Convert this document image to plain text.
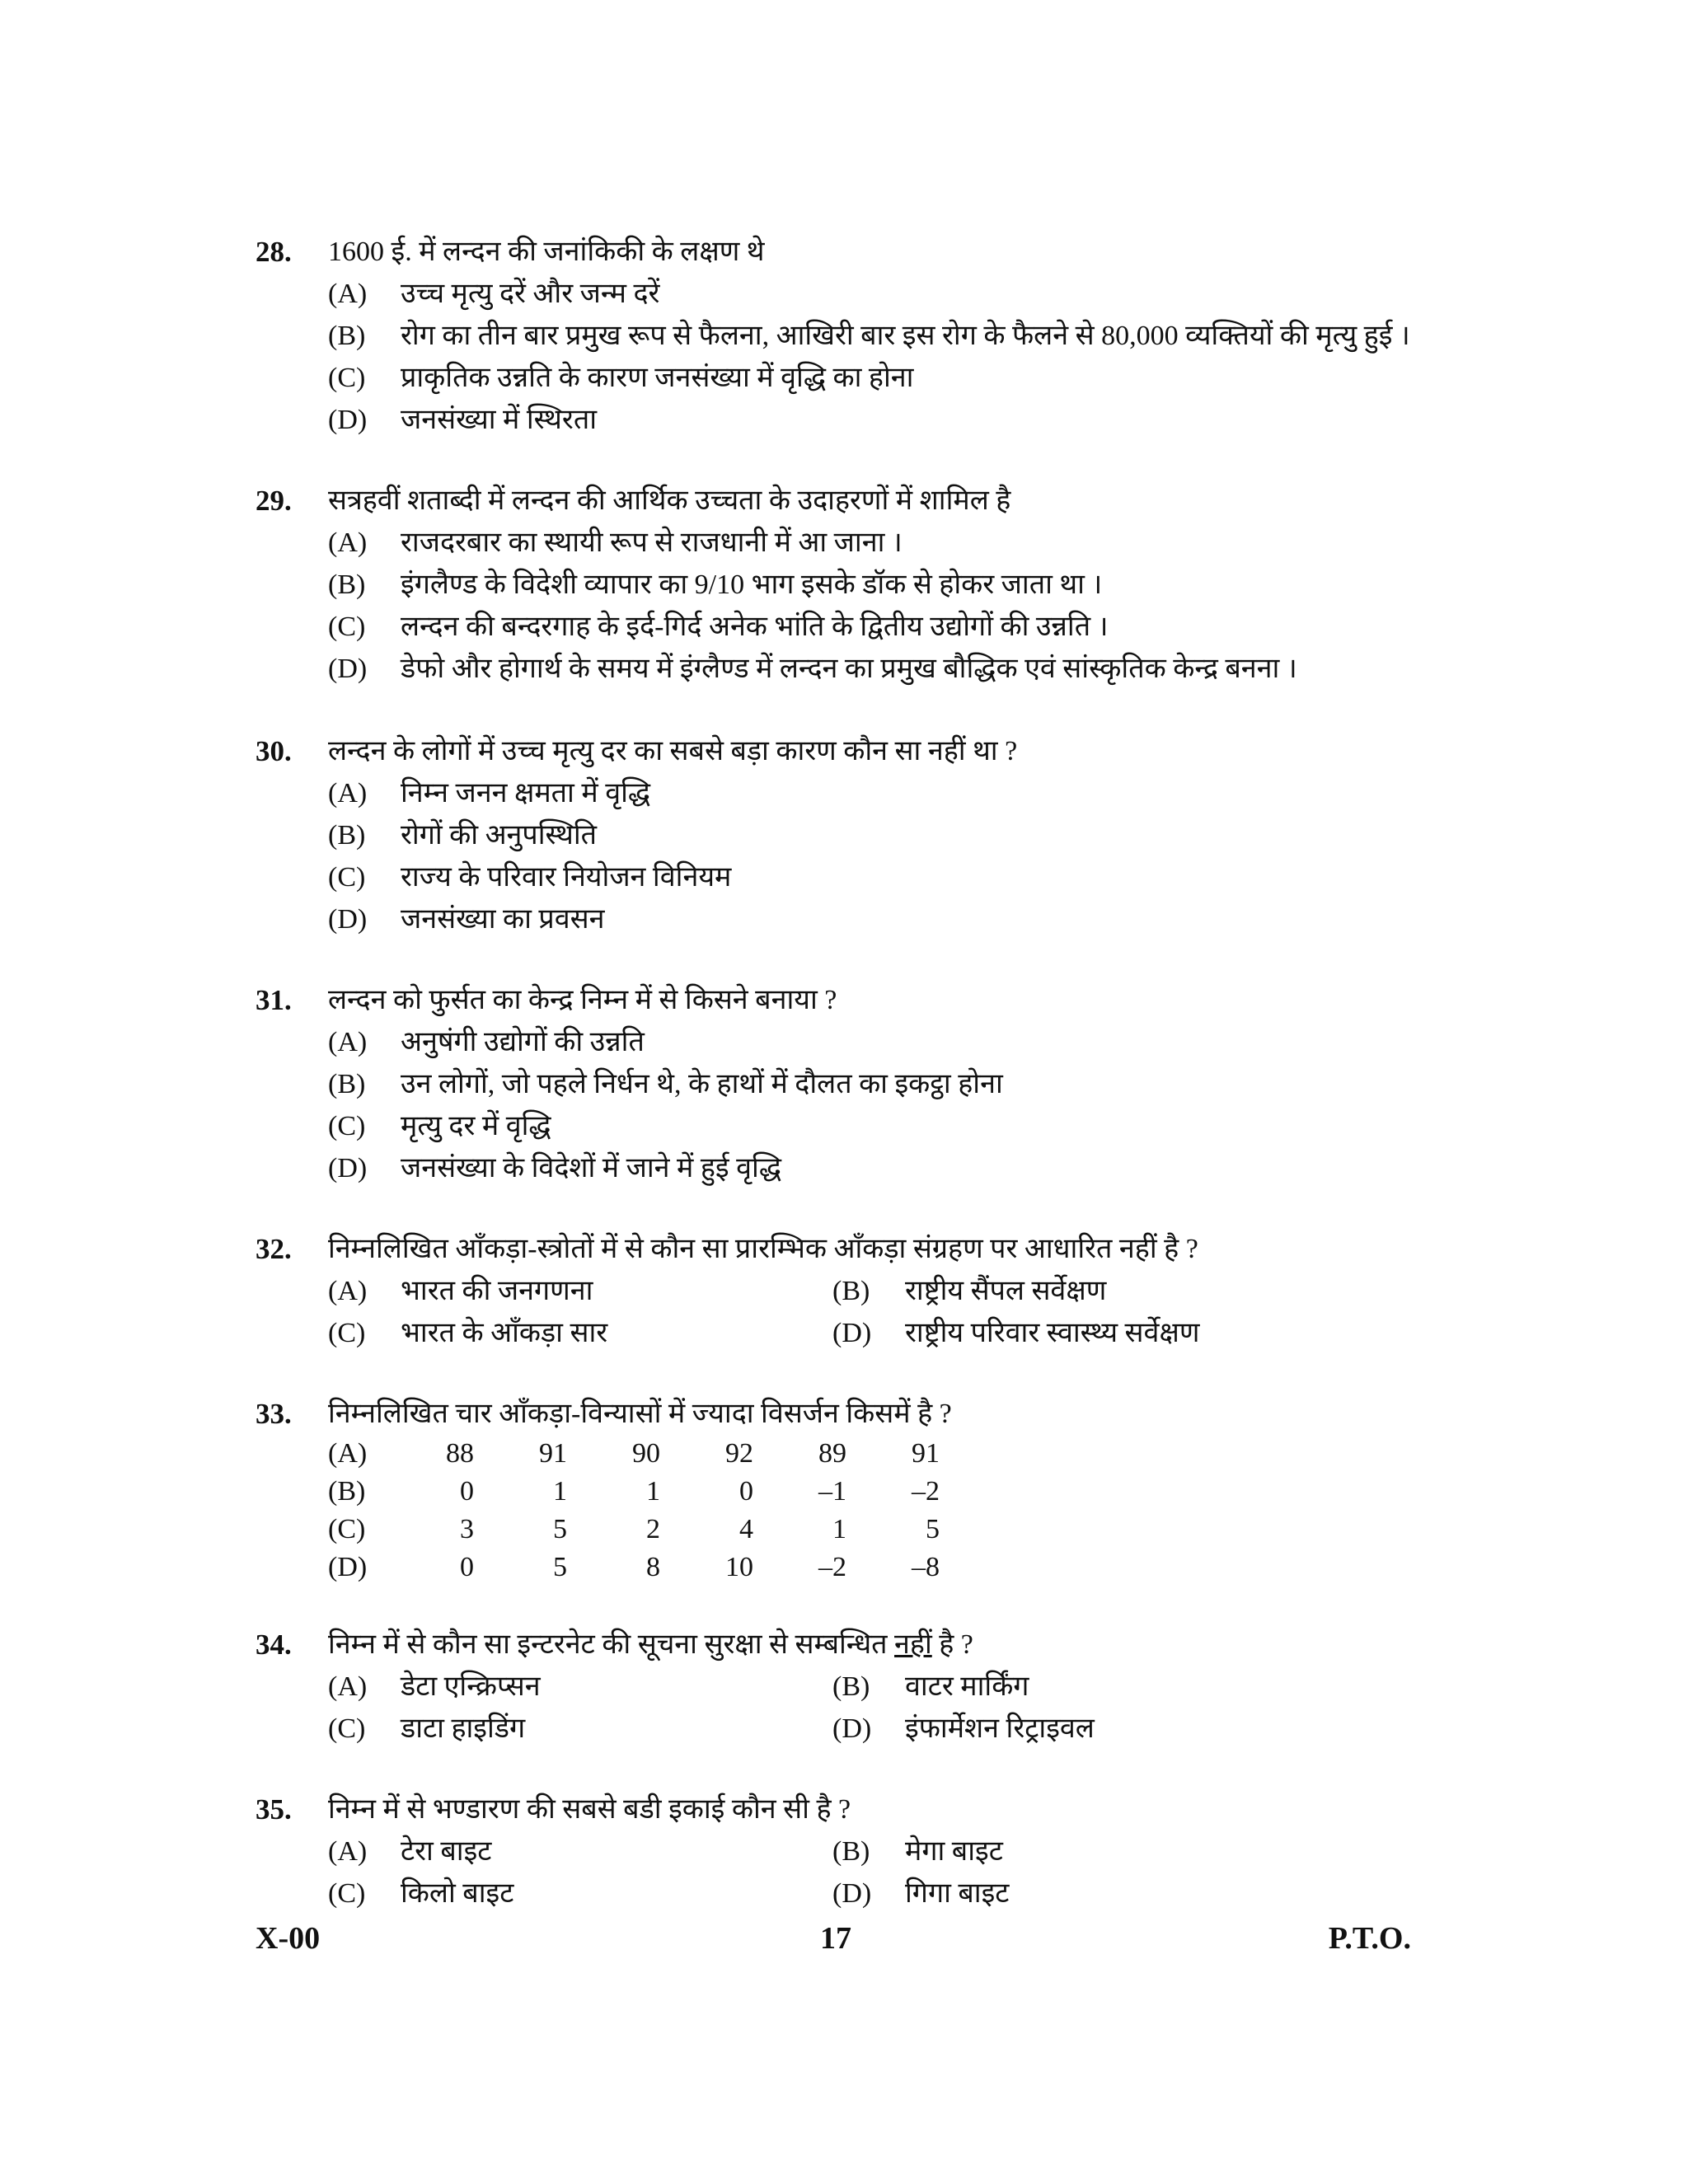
28. 1600 ई. में लन्दन की जनांकिकी के लक्षण थे
(A) उच्च मृत्यु दरें और जन्म दरें
(B) रोग का तीन बार प्रमुख रूप से फैलना, आखिरी बार इस रोग के फैलने से 80,000 व्यक्तियों की मृत्यु हुई ।
(C) प्राकृतिक उन्नति के कारण जनसंख्या में वृद्धि का होना
(D) जनसंख्या में स्थिरता
29. सत्रहवीं शताब्दी में लन्दन की आर्थिक उच्चता के उदाहरणों में शामिल है
(A) राजदरबार का स्थायी रूप से राजधानी में आ जाना ।
(B) इंगलैण्ड के विदेशी व्यापार का 9/10 भाग इसके डॉक से होकर जाता था ।
(C) लन्दन की बन्दरगाह के इर्द-गिर्द अनेक भांति के द्वितीय उद्योगों की उन्नति ।
(D) डेफो और होगार्थ के समय में इंग्लैण्ड में लन्दन का प्रमुख बौद्धिक एवं सांस्कृतिक केन्द्र बनना ।
30. लन्दन के लोगों में उच्च मृत्यु दर का सबसे बड़ा कारण कौन सा नहीं था ?
(A) निम्न जनन क्षमता में वृद्धि
(B) रोगों की अनुपस्थिति
(C) राज्य के परिवार नियोजन विनियम
(D) जनसंख्या का प्रवसन
31. लन्दन को फुर्सत का केन्द्र निम्न में से किसने बनाया ?
(A) अनुषंगी उद्योगों की उन्नति
(B) उन लोगों, जो पहले निर्धन थे, के हाथों में दौलत का इकट्ठा होना
(C) मृत्यु दर में वृद्धि
(D) जनसंख्या के विदेशों में जाने में हुई वृद्धि
32. निम्नलिखित आँकड़ा-स्त्रोतों में से कौन सा प्रारम्भिक आँकड़ा संग्रहण पर आधारित नहीं है ?
(A) भारत की जनगणना	(B) राष्ट्रीय सैंपल सर्वेक्षण
(C) भारत के आँकड़ा सार	(D) राष्ट्रीय परिवार स्वास्थ्य सर्वेक्षण
33. निम्नलिखित चार आँकड़ा-विन्यासों में ज्यादा विसर्जन किसमें है ?
(A)	88		91		90		92		89		91
(B)	0		1		1		0		–1		–2
(C)	3		5		2		4		1		5
(D)	0		5		8		10		–2		–8
34. निम्न में से कौन सा इन्टरनेट की सूचना सुरक्षा से सम्बन्धित नहीं है ?
(A) डेटा एन्क्रिप्सन	(B) वाटर मार्किंग
(C) डाटा हाइडिंग	(D) इंफार्मेशन रिट्राइवल
35. निम्न में से भण्डारण की सबसे बडी इकाई कौन सी है ?
(A) टेरा बाइट	(B) मेगा बाइट
(C) किलो बाइट	(D) गिगा बाइट
X-00	17	P.T.O.
